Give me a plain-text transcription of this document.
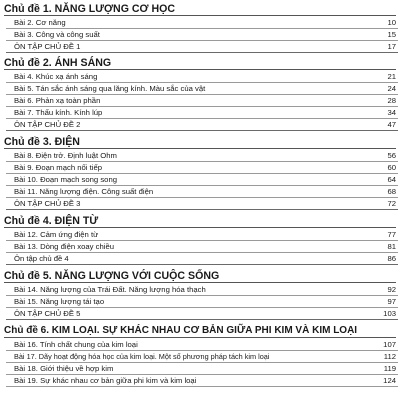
Chủ đề 1. NĂNG LƯỢNG CƠ HỌC
Bài 2. Cơ năng	10
Bài 3. Công và công suất	15
ÔN TẬP CHỦ ĐỀ 1	17
Chủ đề 2. ÁNH SÁNG
Bài 4. Khúc xạ ánh sáng	21
Bài 5. Tán sắc ánh sáng qua lăng kính. Màu sắc của vật	24
Bài 6. Phản xạ toàn phần	28
Bài 7. Thấu kính. Kính lúp	34
ÔN TẬP CHỦ ĐỀ 2	47
Chủ đề 3. ĐIỆN
Bài 8. Điện trở. Định luật Ohm	56
Bài 9. Đoạn mạch nối tiếp	60
Bài 10. Đoạn mạch song song	64
Bài 11. Năng lượng điện. Công suất điện	68
ÔN TẬP CHỦ ĐỀ 3	72
Chủ đề 4. ĐIỆN TỪ
Bài 12. Cảm ứng điện từ	77
Bài 13. Dòng điện xoay chiều	81
Ôn tập chủ đề 4	86
Chủ đề 5. NĂNG LƯỢNG VỚI CUỘC SỐNG
Bài 14. Năng lượng của Trái Đất. Năng lượng hóa thạch	92
Bài 15. Năng lượng tái tạo	97
ÔN TẬP CHỦ ĐỀ 5	103
Chủ đề 6. KIM LOẠI. SỰ KHÁC NHAU CƠ BẢN GIỮA PHI KIM VÀ KIM LOẠI
Bài 16. Tính chất chung của kim loại	107
Bài 17. Dãy hoạt động hóa học của kim loại. Một số phương pháp tách kim loại	112
Bài 18. Giới thiệu về hợp kim	119
Bài 19. Sự khác nhau cơ bản giữa phi kim và kim loại	124
